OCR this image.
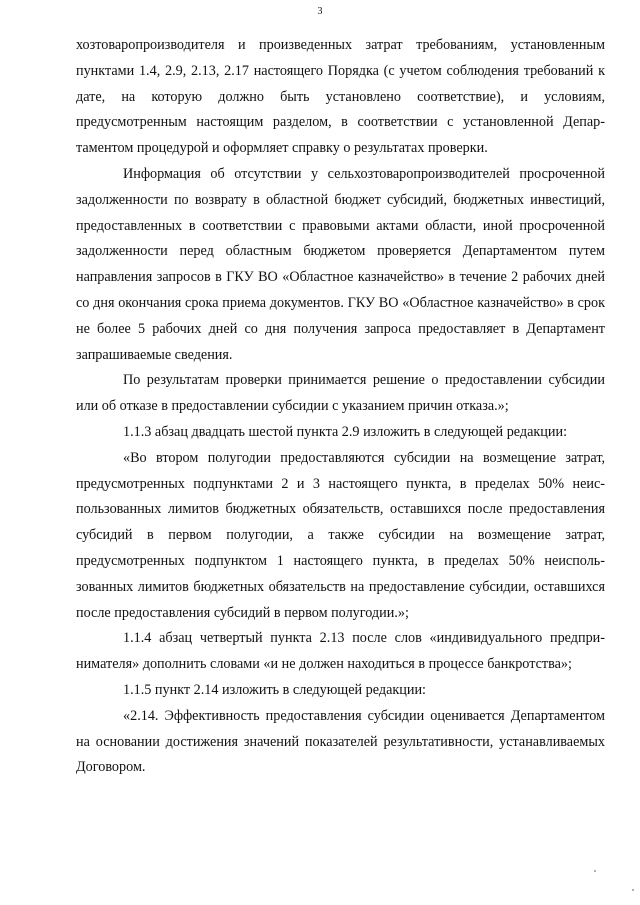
3

хозтоваропроизводителя и произведенных затрат требованиям, установленным пунктами 1.4, 2.9, 2.13, 2.17 настоящего Порядка (с учетом соблюдения требований к дате, на которую должно быть установлено соответствие), и условиям, предусмотренным настоящим разделом, в соответствии с установленной Департаментом процедурой и оформляет справку о результатах проверки.

Информация об отсутствии у сельхозтоваропроизводителей просроченной задолженности по возврату в областной бюджет субсидий, бюджетных инвестиций, предоставленных в соответствии с правовыми актами области, иной просроченной задолженности перед областным бюджетом проверяется Департаментом путем направления запросов в ГКУ ВО «Областное казначейство» в течение 2 рабочих дней со дня окончания срока приема документов. ГКУ ВО «Областное казначейство» в срок не более 5 рабочих дней со дня получения запроса предоставляет в Департамент запрашиваемые сведения.

По результатам проверки принимается решение о предоставлении субсидии или об отказе в предоставлении субсидии с указанием причин отказа.»;

1.1.3 абзац двадцать шестой пункта 2.9 изложить в следующей редакции:

«Во втором полугодии предоставляются субсидии на возмещение затрат, предусмотренных подпунктами 2 и 3 настоящего пункта, в пределах 50% неиспользованных лимитов бюджетных обязательств, оставшихся после предоставления субсидий в первом полугодии, а также субсидии на возмещение затрат, предусмотренных подпунктом 1 настоящего пункта, в пределах 50% неиспользованных лимитов бюджетных обязательств на предоставление субсидии, оставшихся после предоставления субсидий в первом полугодии.»;

1.1.4 абзац четвертый пункта 2.13 после слов «индивидуального предпринимателя» дополнить словами «и не должен находиться в процессе банкротства»;

1.1.5 пункт 2.14 изложить в следующей редакции:

«2.14. Эффективность предоставления субсидии оценивается Департаментом на основании достижения значений показателей результативности, устанавливаемых Договором.
